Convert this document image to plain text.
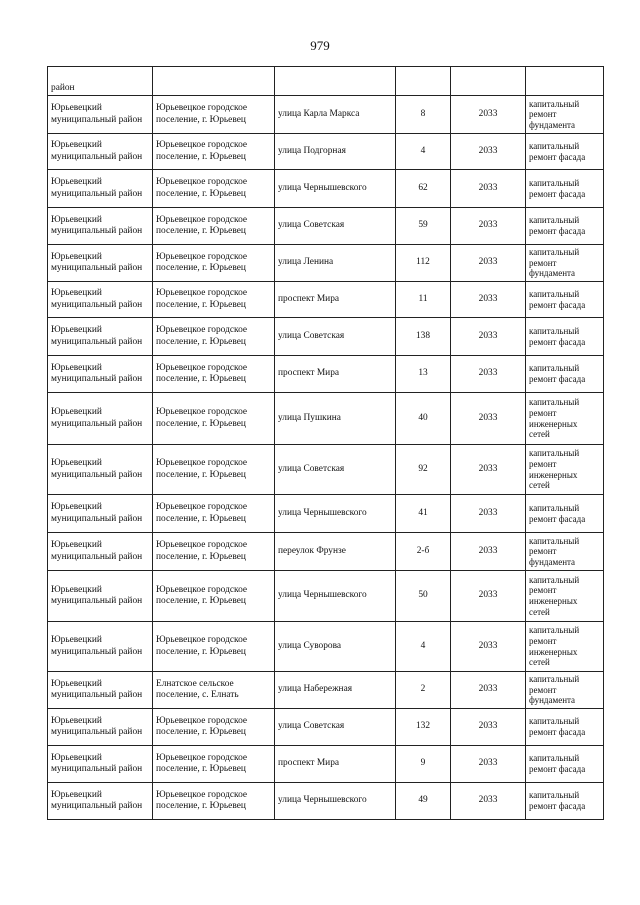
979
район					
Юрьевецкий муниципальный район	Юрьевецкое городское поселение, г. Юрьевец	улица Карла Маркса	8	2033	капитальный ремонт фундамента
Юрьевецкий муниципальный район	Юрьевецкое городское поселение, г. Юрьевец	улица Подгорная	4	2033	капитальный ремонт фасада
Юрьевецкий муниципальный район	Юрьевецкое городское поселение, г. Юрьевец	улица Чернышевского	62	2033	капитальный ремонт фасада
Юрьевецкий муниципальный район	Юрьевецкое городское поселение, г. Юрьевец	улица Советская	59	2033	капитальный ремонт фасада
Юрьевецкий муниципальный район	Юрьевецкое городское поселение, г. Юрьевец	улица Ленина	112	2033	капитальный ремонт фундамента
Юрьевецкий муниципальный район	Юрьевецкое городское поселение, г. Юрьевец	проспект Мира	11	2033	капитальный ремонт фасада
Юрьевецкий муниципальный район	Юрьевецкое городское поселение, г. Юрьевец	улица Советская	138	2033	капитальный ремонт фасада
Юрьевецкий муниципальный район	Юрьевецкое городское поселение, г. Юрьевец	проспект Мира	13	2033	капитальный ремонт фасада
Юрьевецкий муниципальный район	Юрьевецкое городское поселение, г. Юрьевец	улица Пушкина	40	2033	капитальный ремонт инженерных сетей
Юрьевецкий муниципальный район	Юрьевецкое городское поселение, г. Юрьевец	улица Советская	92	2033	капитальный ремонт инженерных сетей
Юрьевецкий муниципальный район	Юрьевецкое городское поселение, г. Юрьевец	улица Чернышевского	41	2033	капитальный ремонт фасада
Юрьевецкий муниципальный район	Юрьевецкое городское поселение, г. Юрьевец	переулок Фрунзе	2-б	2033	капитальный ремонт фундамента
Юрьевецкий муниципальный район	Юрьевецкое городское поселение, г. Юрьевец	улица Чернышевского	50	2033	капитальный ремонт инженерных сетей
Юрьевецкий муниципальный район	Юрьевецкое городское поселение, г. Юрьевец	улица Суворова	4	2033	капитальный ремонт инженерных сетей
Юрьевецкий муниципальный район	Елнатское сельское поселение, с. Елнать	улица Набережная	2	2033	капитальный ремонт фундамента
Юрьевецкий муниципальный район	Юрьевецкое городское поселение, г. Юрьевец	улица Советская	132	2033	капитальный ремонт фасада
Юрьевецкий муниципальный район	Юрьевецкое городское поселение, г. Юрьевец	проспект Мира	9	2033	капитальный ремонт фасада
Юрьевецкий муниципальный район	Юрьевецкое городское поселение, г. Юрьевец	улица Чернышевского	49	2033	капитальный ремонт фасада
